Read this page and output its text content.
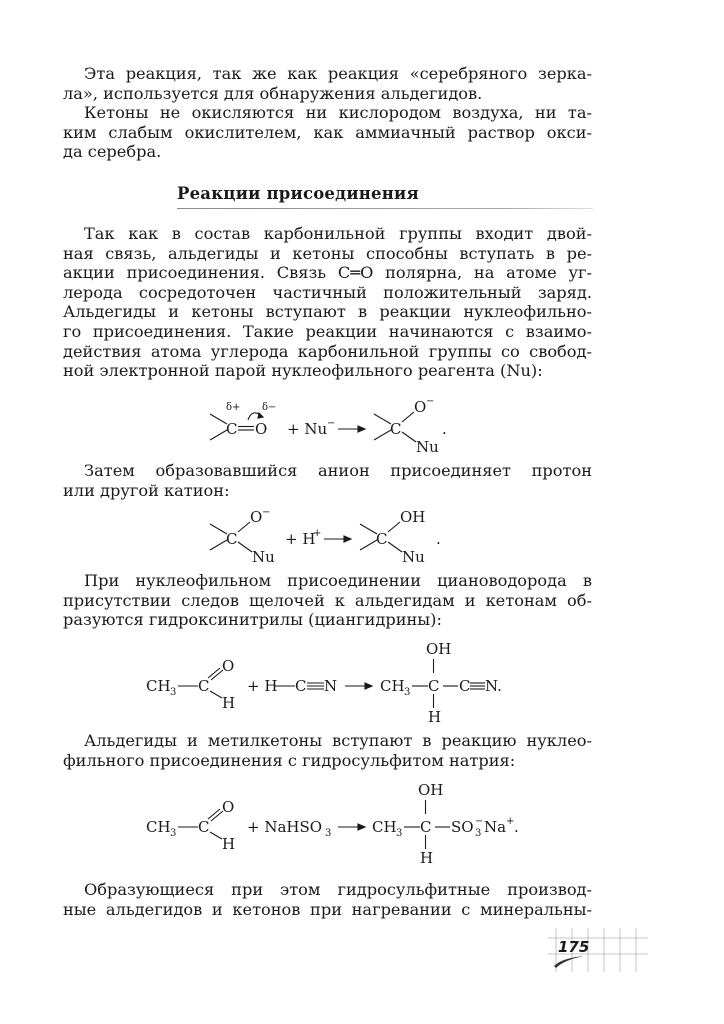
Эта реакция, так же как реакция «серебряного зерка-
ла», используется для обнаружения альдегидов.
Кетоны не окисляются ни кислородом воздуха, ни та-
ким слабым окислителем, как аммиачный раствор окси-
да серебра.
Реакции присоединения
Так как в состав карбонильной группы входит двой-
ная связь, альдегиды и кетоны способны вступать в ре-
акции присоединения. Связь C═O полярна, на атоме уг-
лерода сосредоточен частичный положительный заряд.
Альдегиды и кетоны вступают в реакции нуклеофильно-
го присоединения. Такие реакции начинаются с взаимо-
действия атома углерода карбонильной группы со свобод-
ной электронной парой нуклеофильного реагента (Nu):
C
δ+
O
δ−
+ Nu −	C
O −
Nu
.
Затем образовавшийся анион присоединяет протон
или другой катион:
C
O −
Nu
+ H
+	C
OH
Nu
.
При нуклеофильном присоединении циановодорода в
присутствии следов щелочей к альдегидам и кетонам об-
разуются гидроксинитрилы (циангидрины):
CH 3 C
O
H
+ H C N	CH 3 C
OH
H
C N.
Альдегиды и метилкетоны вступают в реакцию нуклео-
фильного присоединения с гидросульфитом натрия:
CH 3 C
O
H
+ NaHSO 3	CH 3 C
OH
H
SO 3
− Na + .
Образующиеся при этом гидросульфитные производ-
ные альдегидов и кетонов при нагревании с минеральны-
175
